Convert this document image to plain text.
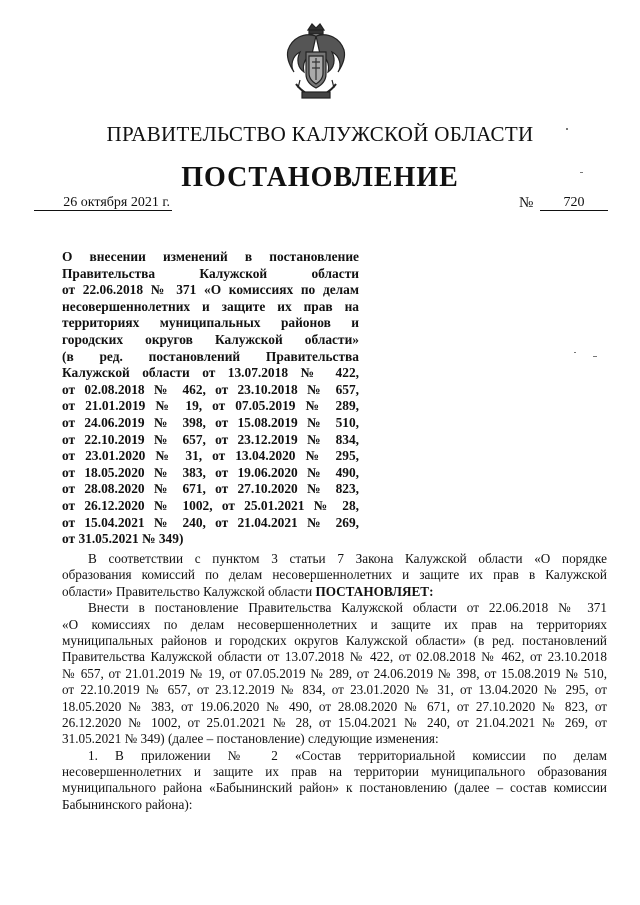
ПРАВИТЕЛЬСТВО КАЛУЖСКОЙ ОБЛАСТИ
ПОСТАНОВЛЕНИЕ
26 октября 2021 г.	№	720
О внесении изменений в постановление
Правительства Калужской области
от 22.06.2018 № 371 «О комиссиях по делам
несовершеннолетних и защите их прав на
территориях муниципальных районов и
городских округов Калужской области»
(в ред. постановлений Правительства
Калужской области от 13.07.2018 № 422,
от 02.08.2018 № 462, от 23.10.2018 № 657,
от 21.01.2019 № 19, от 07.05.2019 № 289,
от 24.06.2019 № 398, от 15.08.2019 № 510,
от 22.10.2019 № 657, от 23.12.2019 № 834,
от 23.01.2020 № 31, от 13.04.2020 № 295,
от 18.05.2020 № 383, от 19.06.2020 № 490,
от 28.08.2020 № 671, от 27.10.2020 № 823,
от 26.12.2020 № 1002, от 25.01.2021 № 28,
от 15.04.2021 № 240, от 21.04.2021 № 269,
от 31.05.2021 № 349)
В соответствии с пунктом 3 статьи 7 Закона Калужской области «О порядке
образования комиссий по делам несовершеннолетних и защите их прав в Калужской
области» Правительство Калужской области ПОСТАНОВЛЯЕТ:
Внести в постановление Правительства Калужской области от 22.06.2018 № 371
«О комиссиях по делам несовершеннолетних и защите их прав на территориях
муниципальных районов и городских округов Калужской области» (в ред. постановлений
Правительства Калужской области от 13.07.2018 № 422, от 02.08.2018 № 462, от 23.10.2018
№ 657, от 21.01.2019 № 19, от 07.05.2019 № 289, от 24.06.2019 № 398, от 15.08.2019 № 510,
от 22.10.2019 № 657, от 23.12.2019 № 834, от 23.01.2020 № 31, от 13.04.2020 № 295, от
18.05.2020 № 383, от 19.06.2020 № 490, от 28.08.2020 № 671, от 27.10.2020 № 823, от
26.12.2020 № 1002, от 25.01.2021 № 28, от 15.04.2021 № 240, от 21.04.2021 № 269, от
31.05.2021 № 349) (далее – постановление) следующие изменения:
1. В приложении № 2 «Состав территориальной комиссии по делам
несовершеннолетних и защите их прав на территории муниципального образования
муниципального района «Бабынинский район» к постановлению (далее – состав комиссии
Бабынинского района):
